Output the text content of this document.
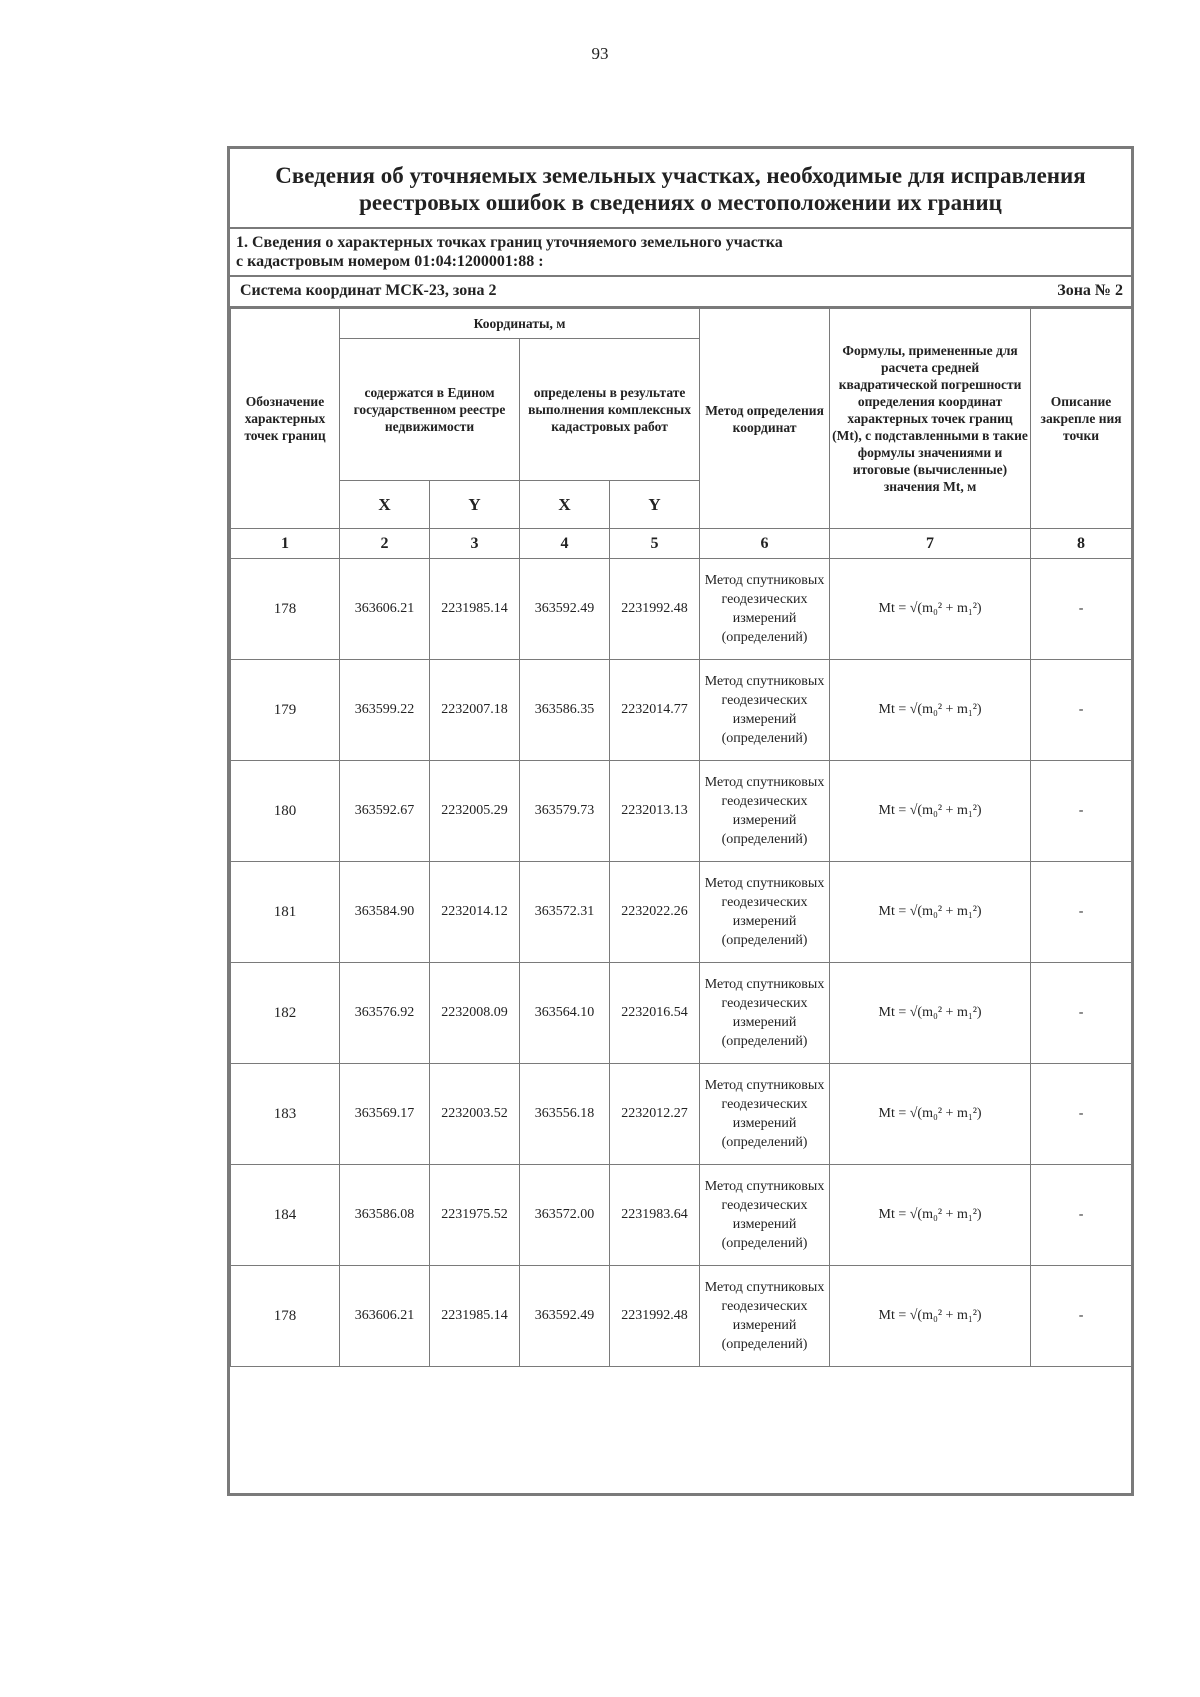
93
Сведения об уточняемых земельных участках, необходимые для исправления
реестровых ошибок в сведениях о местоположении их границ
1. Сведения о характерных точках границ уточняемого земельного участка
с кадастровым номером 01:04:1200001:88 :
Система координат МСК-23, зона 2	Зона № 2
Обозначение характерных точек границ	Координаты, м				Метод определения координат	Формулы, примененные для расчета средней квадратической погрешности определения координат характерных точек границ (Mt), с подставленными в такие формулы значениями и итоговые (вычисленные) значения Mt, м	Описание закрепле ния точки
	содержатся в Едином государственном реестре недвижимости		определены в результате выполнения комплексных кадастровых работ				
	X	Y	X	Y			
1	2	3	4	5	6	7	8
178	363606.21	2231985.14	363592.49	2231992.48	Метод спутниковых геодезических измерений (определений)	Mt = √(m₀² + m₁²)	-
179	363599.22	2232007.18	363586.35	2232014.77	Метод спутниковых геодезических измерений (определений)	Mt = √(m₀² + m₁²)	-
180	363592.67	2232005.29	363579.73	2232013.13	Метод спутниковых геодезических измерений (определений)	Mt = √(m₀² + m₁²)	-
181	363584.90	2232014.12	363572.31	2232022.26	Метод спутниковых геодезических измерений (определений)	Mt = √(m₀² + m₁²)	-
182	363576.92	2232008.09	363564.10	2232016.54	Метод спутниковых геодезических измерений (определений)	Mt = √(m₀² + m₁²)	-
183	363569.17	2232003.52	363556.18	2232012.27	Метод спутниковых геодезических измерений (определений)	Mt = √(m₀² + m₁²)	-
184	363586.08	2231975.52	363572.00	2231983.64	Метод спутниковых геодезических измерений (определений)	Mt = √(m₀² + m₁²)	-
178	363606.21	2231985.14	363592.49	2231992.48	Метод спутниковых геодезических измерений (определений)	Mt = √(m₀² + m₁²)	-
